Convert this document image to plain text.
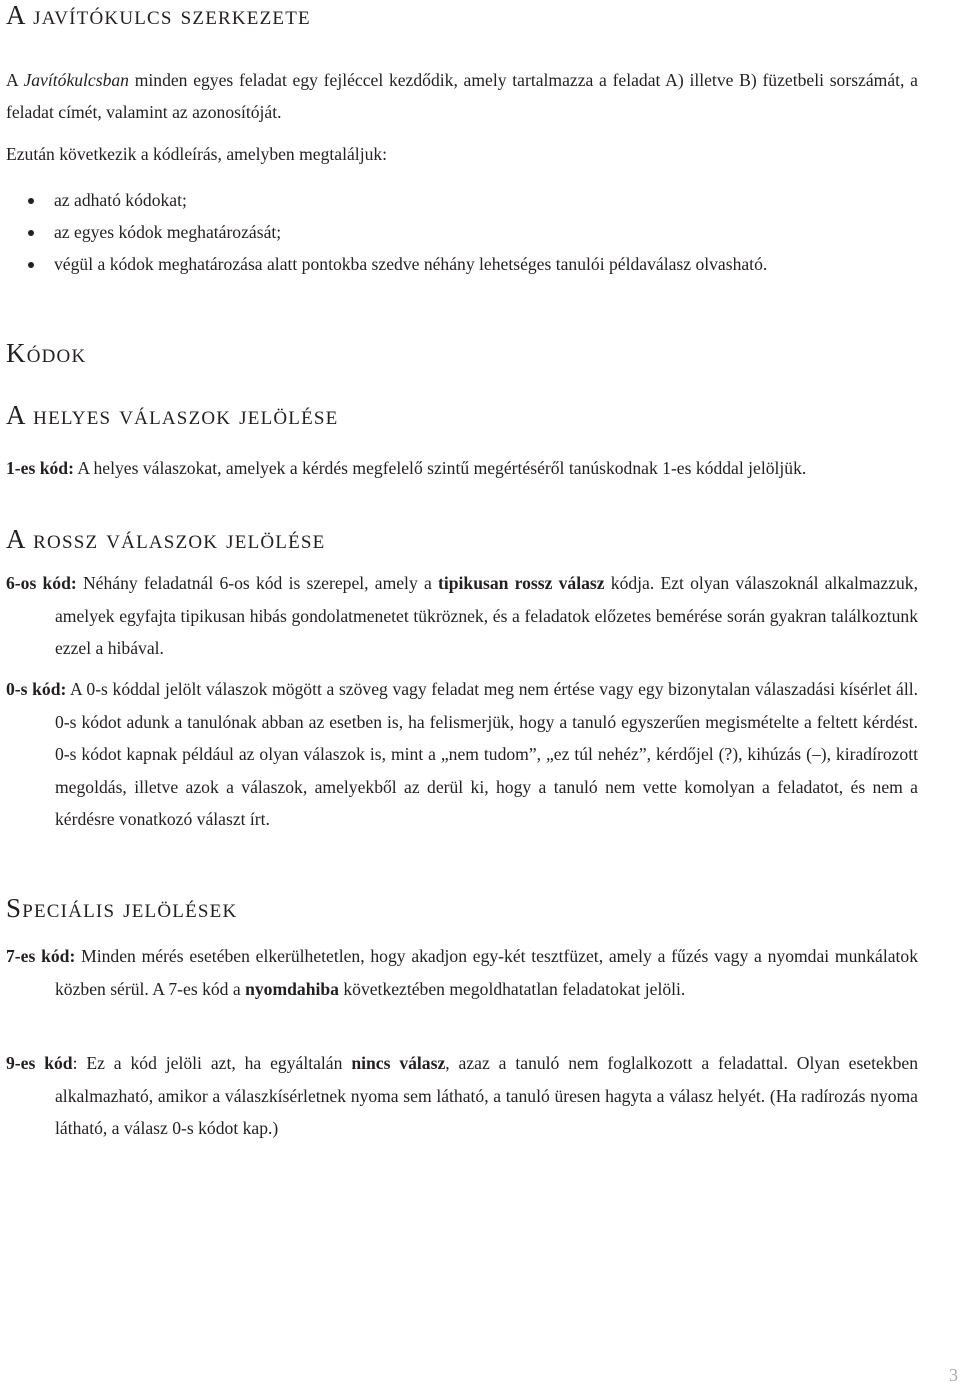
A javítókulcs szerkezete

A Javítókulcsban minden egyes feladat egy fejléccel kezdődik, amely tartalmazza a feladat A) illetve B) füzetbeli sorszámát, a feladat címét, valamint az azonosítóját.

Ezután következik a kódleírás, amelyben megtaláljuk:

az adható kódokat;
az egyes kódok meghatározását;
végül a kódok meghatározása alatt pontokba szedve néhány lehetséges tanulói példaválasz olvasható.
Kódok
A helyes válaszok jelölése
1-es kód: A helyes válaszokat, amelyek a kérdés megfelelő szintű megértéséről tanúskodnak 1-es kóddal jelöljük.
A rossz válaszok jelölése
6-os kód: Néhány feladatnál 6-os kód is szerepel, amely a tipikusan rossz válasz kódja. Ezt olyan válaszoknál alkalmazzuk, amelyek egyfajta tipikusan hibás gondolatmenetet tükröznek, és a feladatok előzetes bemérése során gyakran találkoztunk ezzel a hibával.
0-s kód: A 0-s kóddal jelölt válaszok mögött a szöveg vagy feladat meg nem értése vagy egy bizonytalan válaszadási kísérlet áll. 0-s kódot adunk a tanulónak abban az esetben is, ha felismerjük, hogy a tanuló egyszerűen megismételte a feltett kérdést. 0-s kódot kapnak például az olyan válaszok is, mint a „nem tudom”, „ez túl nehéz”, kérdőjel (?), kihúzás (–), kiradírozott megoldás, illetve azok a válaszok, amelyekből az derül ki, hogy a tanuló nem vette komolyan a feladatot, és nem a kérdésre vonatkozó választ írt.
Speciális jelölések
7-es kód: Minden mérés esetében elkerülhetetlen, hogy akadjon egy-két tesztfüzet, amely a fűzés vagy a nyomdai munkálatok közben sérül. A 7-es kód a nyomdahiba következtében megoldhatatlan feladatokat jelöli.
9-es kód: Ez a kód jelöli azt, ha egyáltalán nincs válasz, azaz a tanuló nem foglalkozott a feladattal. Olyan esetekben alkalmazható, amikor a válaszkísérletnek nyoma sem látható, a tanuló üresen hagyta a válasz helyét. (Ha radírozás nyoma látható, a válasz 0-s kódot kap.)
3
